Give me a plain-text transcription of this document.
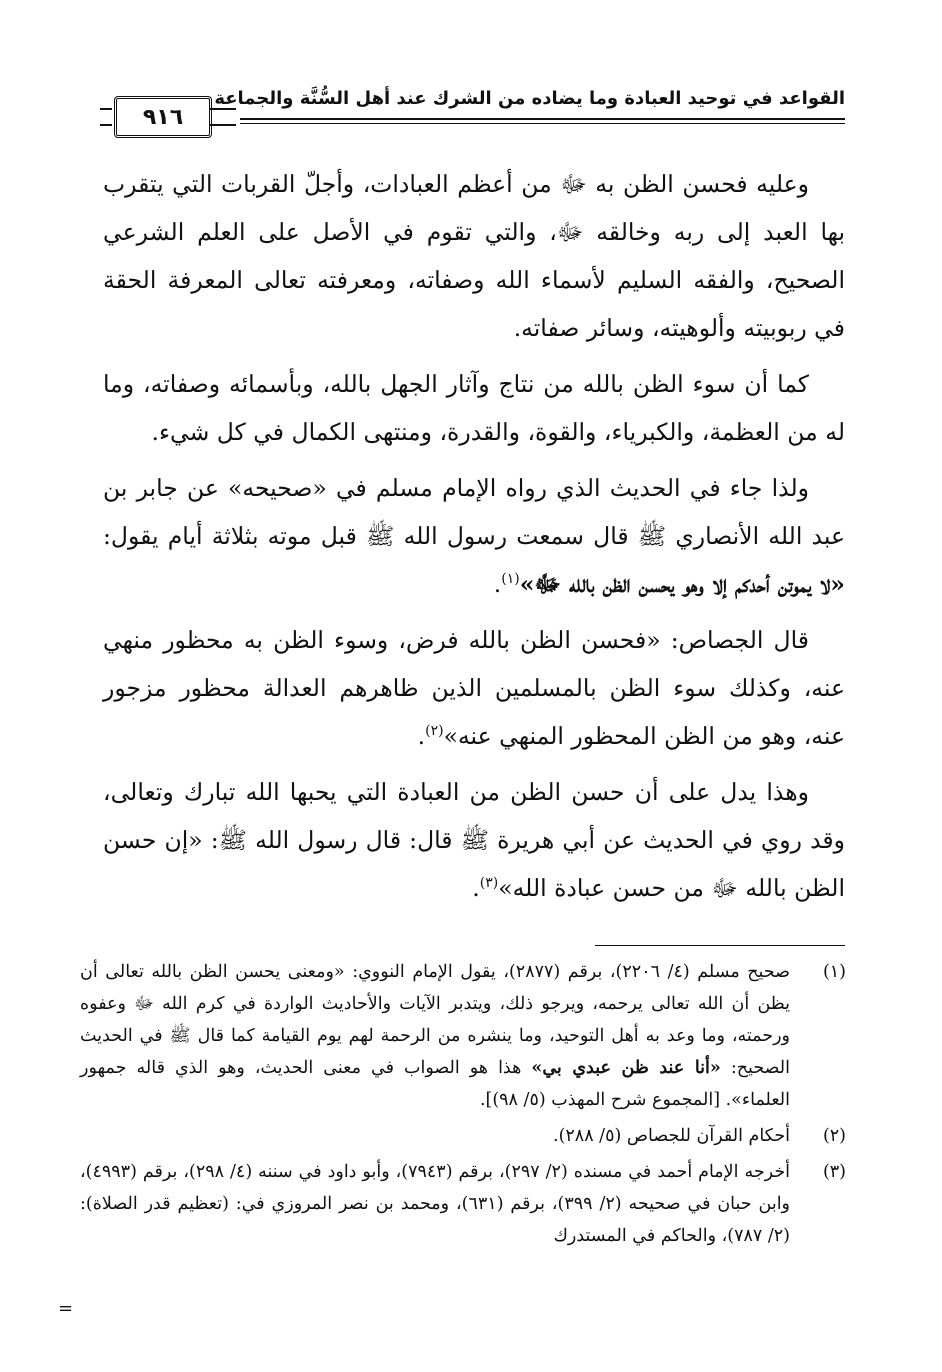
القواعد في توحيد العبادة وما يضاده من الشرك عند أهل السُّنَّة والجماعة
٩١٦

وعليه فحسن الظن به ﷻ من أعظم العبادات، وأجلّ القربات التي يتقرب بها العبد إلى ربه وخالقه ﷻ، والتي تقوم في الأصل على العلم الشرعي الصحيح، والفقه السليم لأسماء الله وصفاته، ومعرفته تعالى المعرفة الحقة في ربوبيته وألوهيته، وسائر صفاته.

كما أن سوء الظن بالله من نتاج وآثار الجهل بالله، وبأسمائه وصفاته، وما له من العظمة، والكبرياء، والقوة، والقدرة، ومنتهى الكمال في كل شيء.

ولذا جاء في الحديث الذي رواه الإمام مسلم في «صحيحه» عن جابر بن عبد الله الأنصاري ﷺ قال سمعت رسول الله ﷺ قبل موته بثلاثة أيام يقول: «لا يموتن أحدكم إلا وهو يحسن الظن بالله ﷻ»$^{(١)}$.

قال الجصاص: «فحسن الظن بالله فرض، وسوء الظن به محظور منهي عنه، وكذلك سوء الظن بالمسلمين الذين ظاهرهم العدالة محظور مزجور عنه، وهو من الظن المحظور المنهي عنه»$^{(٢)}$.

وهذا يدل على أن حسن الظن من العبادة التي يحبها الله تبارك وتعالى، وقد روي في الحديث عن أبي هريرة ﷺ قال: قال رسول الله ﷺ: «إن حسن الظن بالله ﷻ من حسن عبادة الله»$^{(٣)}$.

(١)
صحيح مسلم (٤/ ٢٢٠٦)، برقم (٢٨٧٧)، يقول الإمام النووي: «ومعنى يحسن الظن بالله تعالى أن يظن أن الله تعالى يرحمه، ويرجو ذلك، ويتدبر الآيات والأحاديث الواردة في كرم الله ﷻ وعفوه ورحمته، وما وعد به أهل التوحيد، وما ينشره من الرحمة لهم يوم القيامة كما قال ﷺ في الحديث الصحيح: «أنا عند ظن عبدي بي» هذا هو الصواب في معنى الحديث، وهو الذي قاله جمهور العلماء». [المجموع شرح المهذب (٥/ ٩٨)].
(٢)
أحكام القرآن للجصاص (٥/ ٢٨٨).
(٣)
أخرجه الإمام أحمد في مسنده (٢/ ٢٩٧)، برقم (٧٩٤٣)، وأبو داود في سننه (٤/ ٢٩٨)، برقم (٤٩٩٣)، وابن حبان في صحيحه (٢/ ٣٩٩)، برقم (٦٣١)، ومحمد بن نصر المروزي في: (تعظيم قدر الصلاة): (٢/ ٧٨٧)، والحاكم في المستدرك
=
